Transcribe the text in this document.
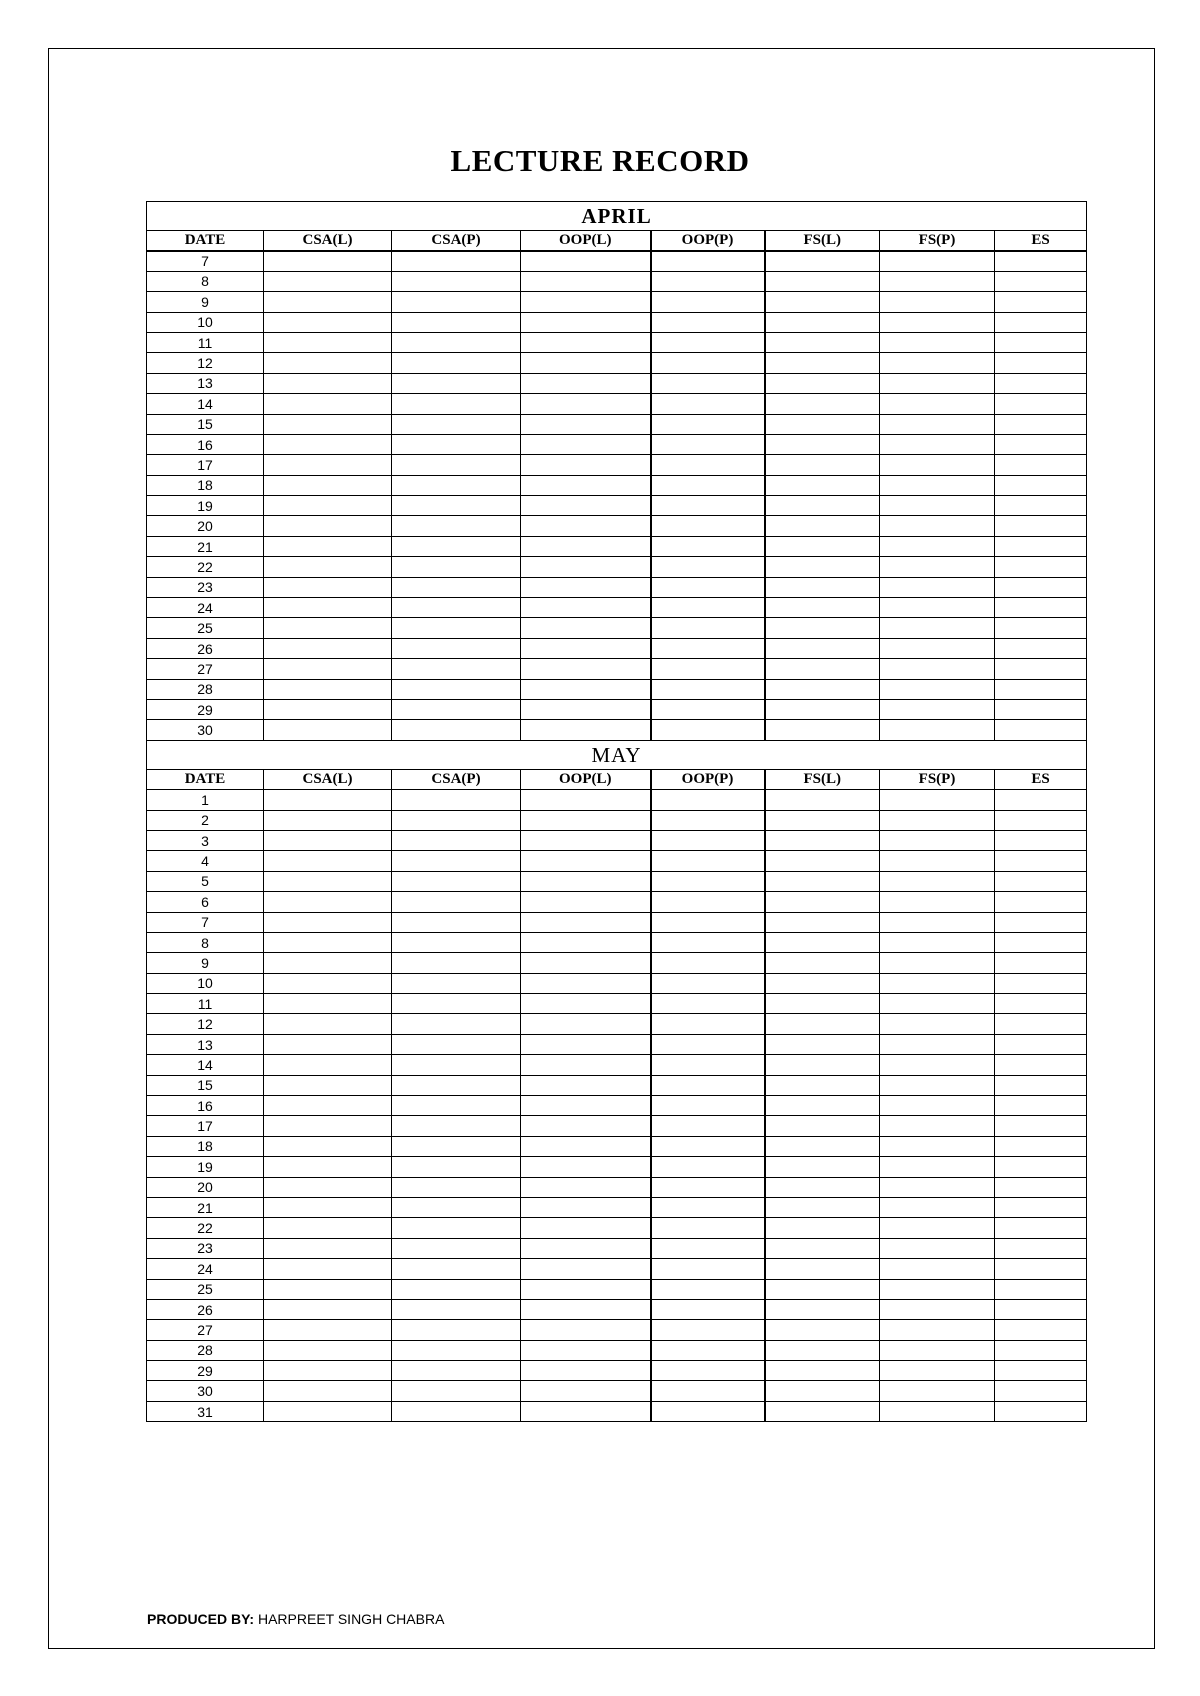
LECTURE RECORD
APRIL							
DATE	CSA(L)	CSA(P)	OOP(L)	OOP(P)	FS(L)	FS(P)	ES
7							
8							
9							
10							
11							
12							
13							
14							
15							
16							
17							
18							
19							
20							
21							
22							
23							
24							
25							
26							
27							
28							
29							
30							
MAY							
DATE	CSA(L)	CSA(P)	OOP(L)	OOP(P)	FS(L)	FS(P)	ES
1							
2							
3							
4							
5							
6							
7							
8							
9							
10							
11							
12							
13							
14							
15							
16							
17							
18							
19							
20							
21							
22							
23							
24							
25							
26							
27							
28							
29							
30							
31							
PRODUCED BY: HARPREET SINGH CHABRA
